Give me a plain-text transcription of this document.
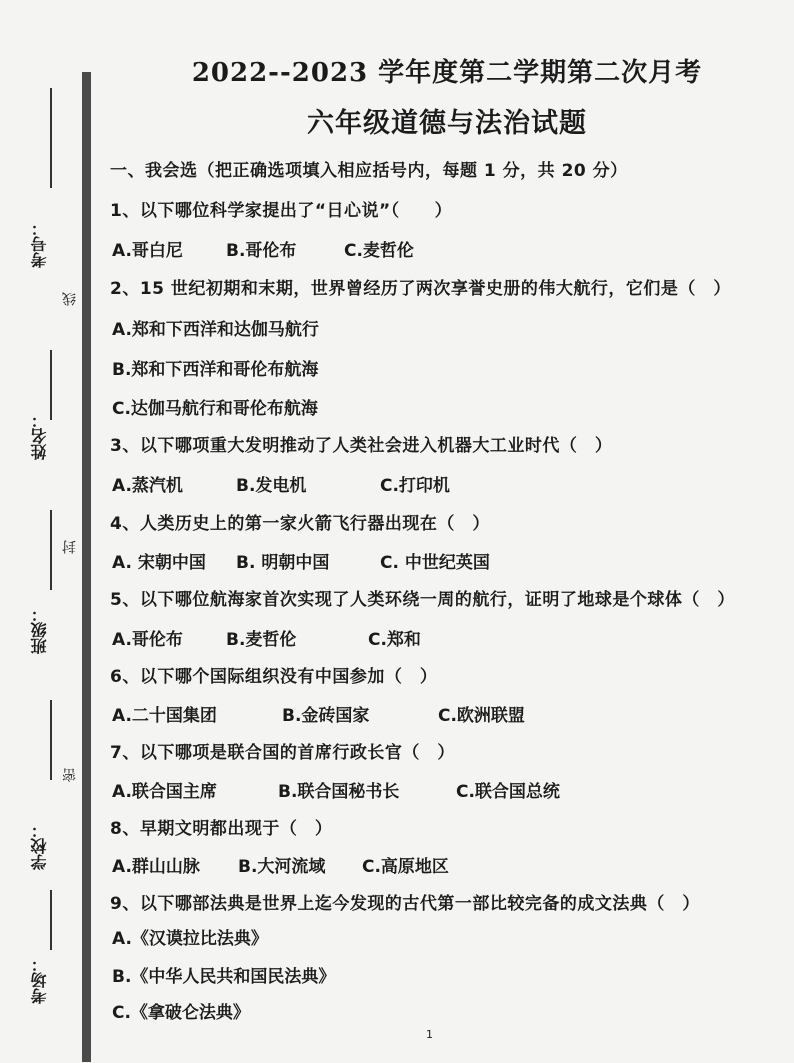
考号：
线
姓名：
封
班级：
密
学校：
考场：
2022--2023 学年度第二学期第二次月考
六年级道德与法治试题
一、我会选（把正确选项填入相应括号内，每题 1 分，共 20 分）
1、以下哪位科学家提出了“日心说”（　　）
A.哥白尼	B.哥伦布	C.麦哲伦
2、15 世纪初期和末期，世界曾经历了两次享誉史册的伟大航行，它们是（　）
A.郑和下西洋和达伽马航行
B.郑和下西洋和哥伦布航海
C.达伽马航行和哥伦布航海
3、以下哪项重大发明推动了人类社会进入机器大工业时代（　）
A.蒸汽机	B.发电机	C.打印机
4、人类历史上的第一家火箭飞行器出现在（　）
A. 宋朝中国 B. 明朝中国	C. 中世纪英国
5、以下哪位航海家首次实现了人类环绕一周的航行，证明了地球是个球体（　）
A.哥伦布	B.麦哲伦	C.郑和
6、以下哪个国际组织没有中国参加（　）
A.二十国集团	B.金砖国家	C.欧洲联盟
7、以下哪项是联合国的首席行政长官（　）
A.联合国主席	B.联合国秘书长	C.联合国总统
8、早期文明都出现于（　）
A.群山山脉 B.大河流域 C.高原地区
9、以下哪部法典是世界上迄今发现的古代第一部比较完备的成文法典（　）
A.《汉谟拉比法典》
B.《中华人民共和国民法典》
C.《拿破仑法典》
1
